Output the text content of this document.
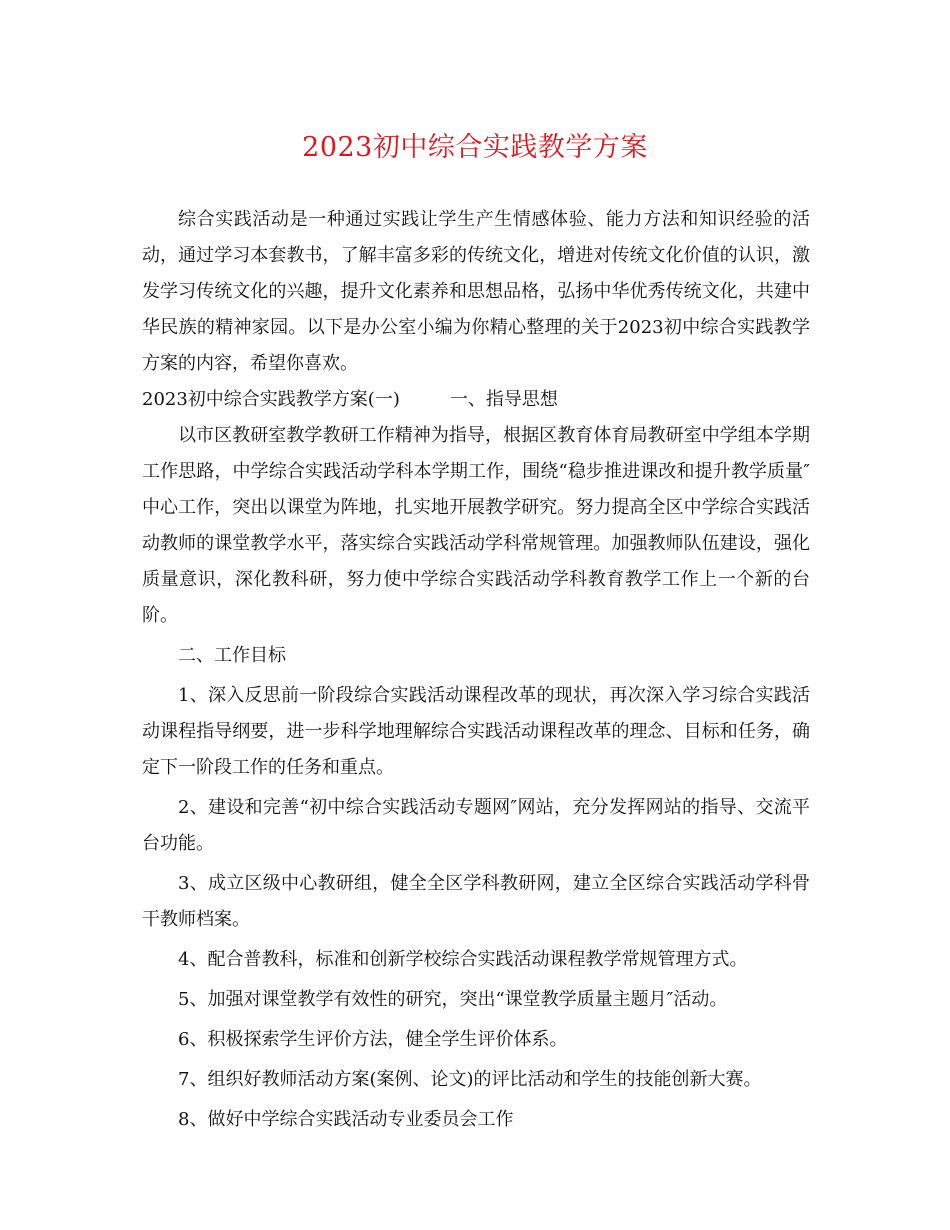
2023初中综合实践教学方案

综合实践活动是一种通过实践让学生产生情感体验、能力方法和知识经验的活动，通过学习本套教书，了解丰富多彩的传统文化，增进对传统文化价值的认识，激发学习传统文化的兴趣，提升文化素养和思想品格，弘扬中华优秀传统文化，共建中华民族的精神家园。以下是办公室小编为你精心整理的关于2023初中综合实践教学方案的内容，希望你喜欢。

2023初中综合实践教学方案(一)	一、指导思想

以市区教研室教学教研工作精神为指导，根据区教育体育局教研室中学组本学期工作思路，中学综合实践活动学科本学期工作，围绕“稳步推进课改和提升教学质量″中心工作，突出以课堂为阵地，扎实地开展教学研究。努力提高全区中学综合实践活动教师的课堂教学水平，落实综合实践活动学科常规管理。加强教师队伍建设，强化质量意识，深化教科研，努力使中学综合实践活动学科教育教学工作上一个新的台阶。

二、工作目标

1、深入反思前一阶段综合实践活动课程改革的现状，再次深入学习综合实践活动课程指导纲要，进一步科学地理解综合实践活动课程改革的理念、目标和任务，确定下一阶段工作的任务和重点。

2、建设和完善“初中综合实践活动专题网″网站，充分发挥网站的指导、交流平台功能。

3、成立区级中心教研组，健全全区学科教研网，建立全区综合实践活动学科骨干教师档案。

4、配合普教科，标准和创新学校综合实践活动课程教学常规管理方式。

5、加强对课堂教学有效性的研究，突出“课堂教学质量主题月″活动。

6、积极探索学生评价方法，健全学生评价体系。

7、组织好教师活动方案(案例、论文)的评比活动和学生的技能创新大赛。

8、做好中学综合实践活动专业委员会工作
